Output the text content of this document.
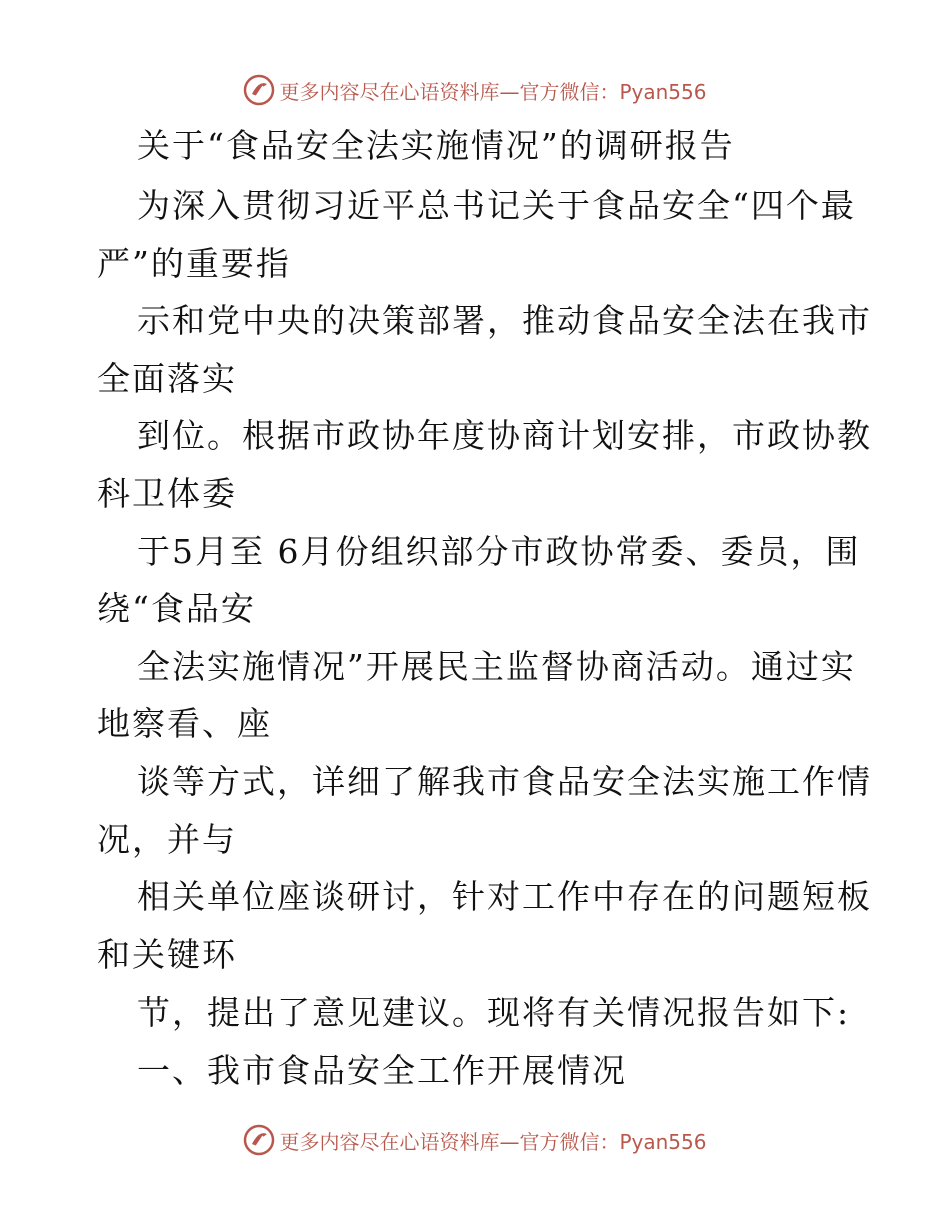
更多内容尽在心语资料库—官方微信：Pyan556
关于“食品安全法实施情况”的调研报告
为深入贯彻习近平总书记关于食品安全“四个最
严”的重要指
示和党中央的决策部署，推动食品安全法在我市
全面落实
到位。根据市政协年度协商计划安排，市政协教
科卫体委
于5月至 6月份组织部分市政协常委、委员，围
绕“食品安
全法实施情况”开展民主监督协商活动。通过实
地察看、座
谈等方式，详细了解我市食品安全法实施工作情
况，并与
相关单位座谈研讨，针对工作中存在的问题短板
和关键环
节，提出了意见建议。现将有关情况报告如下:
一、我市食品安全工作开展情况
更多内容尽在心语资料库—官方微信：Pyan556
